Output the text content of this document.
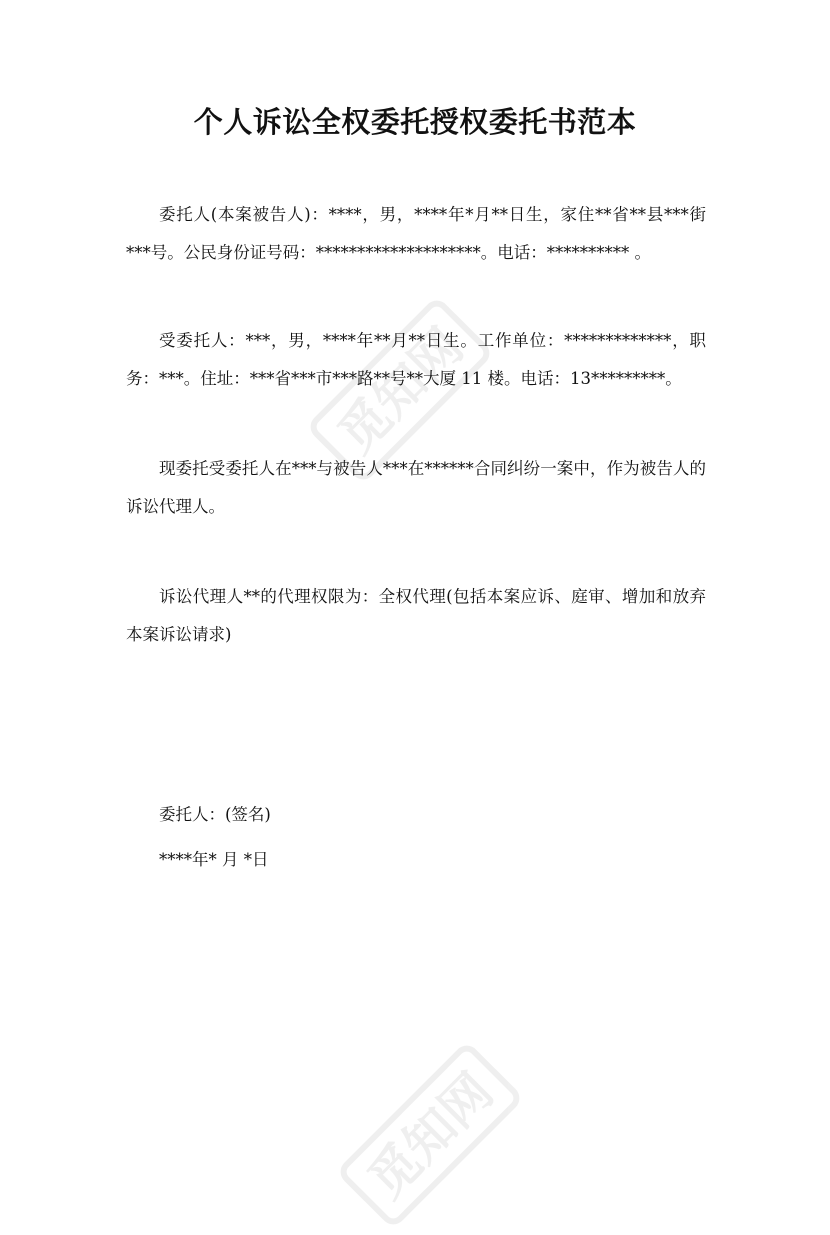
觅知网
觅知网
个人诉讼全权委托授权委托书范本

委托人(本案被告人)：****，男，****年*月**日生，家住**省**县***街***号。公民身份证号码：********************。电话：********** 。

受委托人：***，男，****年**月**日生。工作单位：*************，职务：***。住址：***省***市***路**号**大厦 11 楼。电话：13*********。

现委托受委托人在***与被告人***在******合同纠纷一案中，作为被告人的诉讼代理人。

诉讼代理人**的代理权限为：全权代理(包括本案应诉、庭审、增加和放弃本案诉讼请求)

委托人：(签名)

****年* 月 *日
